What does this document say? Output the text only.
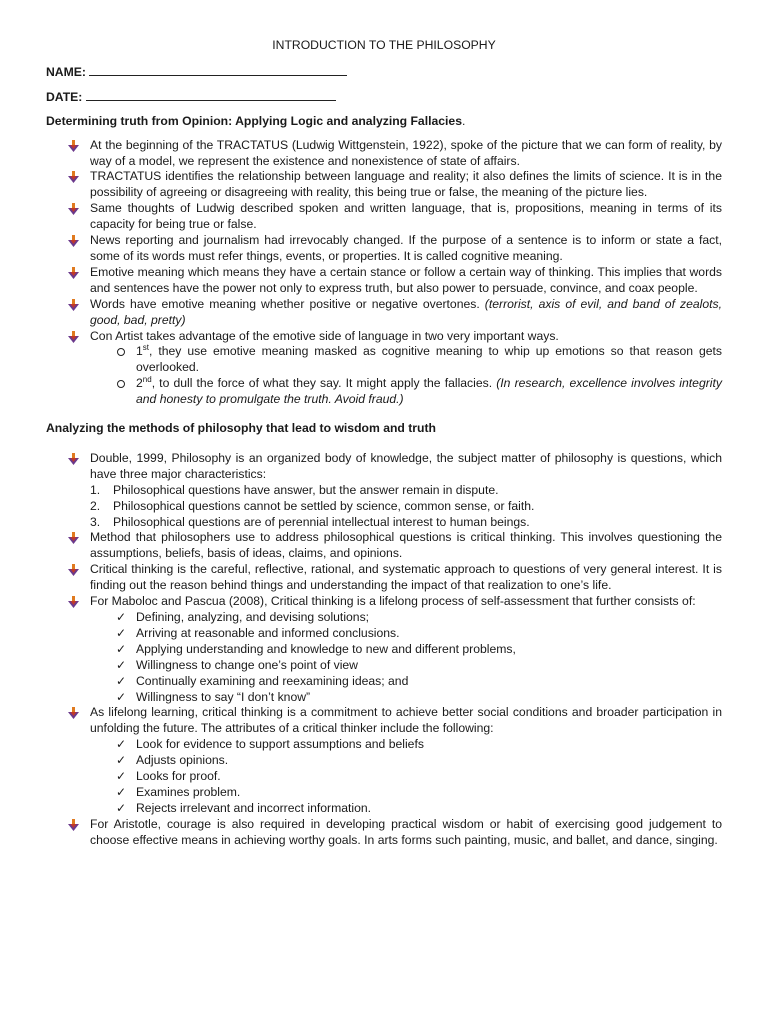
INTRODUCTION TO THE PHILOSOPHY
NAME:
DATE:
Determining truth from Opinion: Applying Logic and analyzing Fallacies.
At the beginning of the TRACTATUS (Ludwig Wittgenstein, 1922), spoke of the picture that we can form of reality, by way of a model, we represent the existence and nonexistence of state of affairs.
TRACTATUS identifies the relationship between language and reality; it also defines the limits of science. It is in the possibility of agreeing or disagreeing with reality, this being true or false, the meaning of the picture lies.
Same thoughts of Ludwig described spoken and written language, that is, propositions, meaning in terms of its capacity for being true or false.
News reporting and journalism had irrevocably changed. If the purpose of a sentence is to inform or state a fact, some of its words must refer things, events, or properties. It is called cognitive meaning.
Emotive meaning which means they have a certain stance or follow a certain way of thinking. This implies that words and sentences have the power not only to express truth, but also power to persuade, convince, and coax people.
Words have emotive meaning whether positive or negative overtones. (terrorist, axis of evil, and band of zealots, good, bad, pretty)
Con Artist takes advantage of the emotive side of language in two very important ways.
1st, they use emotive meaning masked as cognitive meaning to whip up emotions so that reason gets overlooked.
2nd, to dull the force of what they say. It might apply the fallacies. (In research, excellence involves integrity and honesty to promulgate the truth. Avoid fraud.)
Analyzing the methods of philosophy that lead to wisdom and truth
Double, 1999, Philosophy is an organized body of knowledge, the subject matter of philosophy is questions, which have three major characteristics:
1. Philosophical questions have answer, but the answer remain in dispute.
2. Philosophical questions cannot be settled by science, common sense, or faith.
3. Philosophical questions are of perennial intellectual interest to human beings.
Method that philosophers use to address philosophical questions is critical thinking. This involves questioning the assumptions, beliefs, basis of ideas, claims, and opinions.
Critical thinking is the careful, reflective, rational, and systematic approach to questions of very general interest. It is finding out the reason behind things and understanding the impact of that realization to one’s life.
For Maboloc and Pascua (2008), Critical thinking is a lifelong process of self-assessment that further consists of:
✓ Defining, analyzing, and devising solutions;
✓ Arriving at reasonable and informed conclusions.
✓ Applying understanding and knowledge to new and different problems,
✓ Willingness to change one’s point of view
✓ Continually examining and reexamining ideas; and
✓ Willingness to say “I don’t know”
As lifelong learning, critical thinking is a commitment to achieve better social conditions and broader participation in unfolding the future. The attributes of a critical thinker include the following:
✓ Look for evidence to support assumptions and beliefs
✓ Adjusts opinions.
✓ Looks for proof.
✓ Examines problem.
✓ Rejects irrelevant and incorrect information.
For Aristotle, courage is also required in developing practical wisdom or habit of exercising good judgement to choose effective means in achieving worthy goals. In arts forms such painting, music, and ballet, and dance, singing.
